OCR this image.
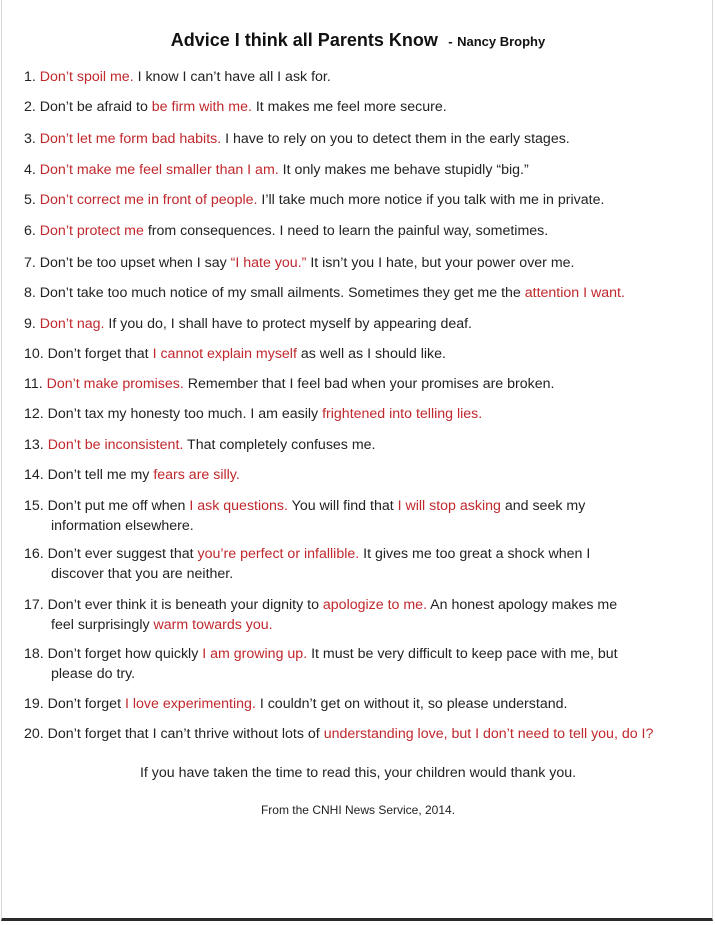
Advice I think all Parents Know - Nancy Brophy
1. Don’t spoil me. I know I can’t have all I ask for.
2. Don’t be afraid to be firm with me. It makes me feel more secure.
3. Don’t let me form bad habits. I have to rely on you to detect them in the early stages.
4. Don’t make me feel smaller than I am. It only makes me behave stupidly “big.”
5. Don’t correct me in front of people. I’ll take much more notice if you talk with me in private.
6. Don’t protect me from consequences. I need to learn the painful way, sometimes.
7. Don’t be too upset when I say “I hate you.” It isn’t you I hate, but your power over me.
8. Don’t take too much notice of my small ailments. Sometimes they get me the attention I want.
9. Don’t nag. If you do, I shall have to protect myself by appearing deaf.
10. Don’t forget that I cannot explain myself as well as I should like.
11. Don’t make promises. Remember that I feel bad when your promises are broken.
12. Don’t tax my honesty too much. I am easily frightened into telling lies.
13. Don’t be inconsistent. That completely confuses me.
14. Don’t tell me my fears are silly.
15. Don’t put me off when I ask questions. You will find that I will stop asking and seek my
information elsewhere.
16. Don’t ever suggest that you’re perfect or infallible. It gives me too great a shock when I
discover that you are neither.
17. Don’t ever think it is beneath your dignity to apologize to me. An honest apology makes me
feel surprisingly warm towards you.
18. Don’t forget how quickly I am growing up. It must be very difficult to keep pace with me, but
please do try.
19. Don’t forget I love experimenting. I couldn’t get on without it, so please understand.
20. Don’t forget that I can’t thrive without lots of understanding love, but I don’t need to tell you, do I?
If you have taken the time to read this, your children would thank you.
From the CNHI News Service, 2014.
